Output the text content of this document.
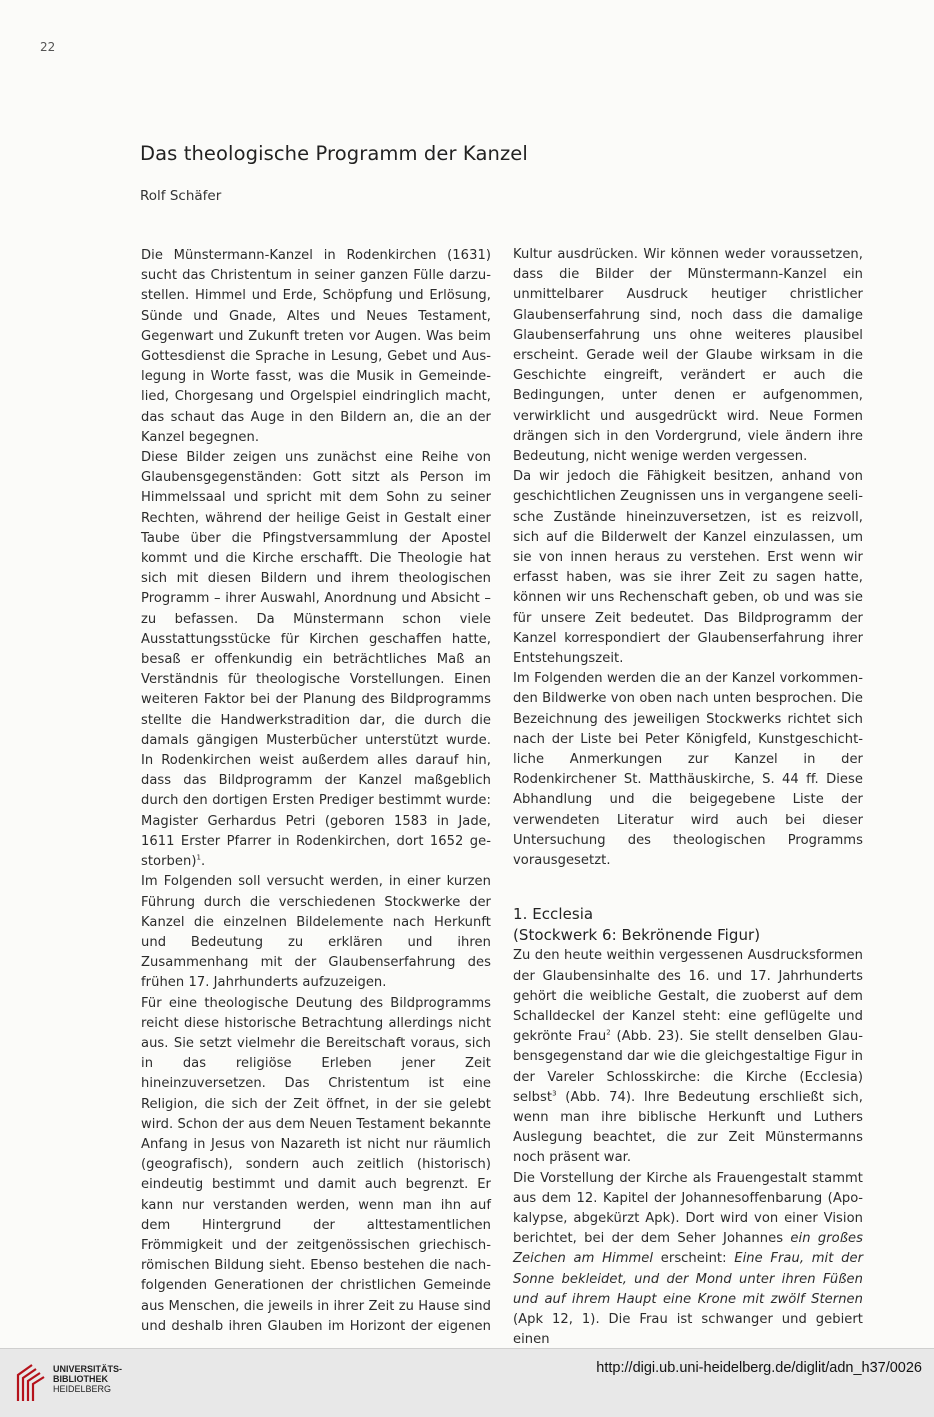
22
Das theologische Programm der Kanzel
Rolf Schäfer

Die Münstermann-Kanzel in Rodenkirchen (1631) sucht das Christentum in seiner ganzen Fülle darzustellen. Himmel und Erde, Schöpfung und Erlösung, Sünde und Gnade, Altes und Neues Testament, Gegenwart und Zukunft treten vor Augen. Was beim Gottesdienst die Sprache in Lesung, Gebet und Auslegung in Worte fasst, was die Musik in Gemeindelied, Chorgesang und Orgelspiel eindringlich macht, das schaut das Auge in den Bildern an, die an der Kanzel begegnen.

Diese Bilder zeigen uns zunächst eine Reihe von Glaubensgegenständen: Gott sitzt als Person im Himmelssaal und spricht mit dem Sohn zu seiner Rechten, während der heilige Geist in Gestalt einer Taube über die Pfingstversammlung der Apostel kommt und die Kirche erschafft. Die Theologie hat sich mit diesen Bildern und ihrem theologischen Programm – ihrer Auswahl, Anordnung und Absicht – zu befassen. Da Münstermann schon viele Ausstattungsstücke für Kirchen geschaffen hatte, besaß er offenkundig ein beträchtliches Maß an Verständnis für theologische Vorstellungen. Einen weiteren Faktor bei der Planung des Bildprogramms stellte die Handwerkstradition dar, die durch die damals gängigen Musterbücher unterstützt wurde. In Rodenkirchen weist außerdem alles darauf hin, dass das Bildprogramm der Kanzel maßgeblich durch den dortigen Ersten Prediger bestimmt wurde: Magister Gerhardus Petri (geboren 1583 in Jade, 1611 Erster Pfarrer in Rodenkirchen, dort 1652 gestorben)$^1$.

Im Folgenden soll versucht werden, in einer kurzen Führung durch die verschiedenen Stockwerke der Kanzel die einzelnen Bildelemente nach Herkunft und Bedeutung zu erklären und ihren Zusammenhang mit der Glaubenserfahrung des frühen 17. Jahrhunderts aufzuzeigen.

Für eine theologische Deutung des Bildprogramms reicht diese historische Betrachtung allerdings nicht aus. Sie setzt vielmehr die Bereitschaft voraus, sich in das religiöse Erleben jener Zeit hineinzuversetzen. Das Christentum ist eine Religion, die sich der Zeit öffnet, in der sie gelebt wird. Schon der aus dem Neuen Testament bekannte Anfang in Jesus von Nazareth ist nicht nur räumlich (geografisch), sondern auch zeitlich (historisch) eindeutig bestimmt und damit auch begrenzt. Er kann nur verstanden werden, wenn man ihn auf dem Hintergrund der alttestamentlichen Frömmigkeit und der zeitgenössischen griechisch-römischen Bildung sieht. Ebenso bestehen die nachfolgenden Generationen der christlichen Gemeinde aus Menschen, die jeweils in ihrer Zeit zu Hause sind und deshalb ihren Glauben im Horizont der eigenen

Kultur ausdrücken. Wir können weder voraussetzen, dass die Bilder der Münstermann-Kanzel ein unmittelbarer Ausdruck heutiger christlicher Glaubenserfahrung sind, noch dass die damalige Glaubenserfahrung uns ohne weiteres plausibel erscheint. Gerade weil der Glaube wirksam in die Geschichte eingreift, verändert er auch die Bedingungen, unter denen er aufgenommen, verwirklicht und ausgedrückt wird. Neue Formen drängen sich in den Vordergrund, viele ändern ihre Bedeutung, nicht wenige werden vergessen.

Da wir jedoch die Fähigkeit besitzen, anhand von geschichtlichen Zeugnissen uns in vergangene seelische Zustände hineinzuversetzen, ist es reizvoll, sich auf die Bilderwelt der Kanzel einzulassen, um sie von innen heraus zu verstehen. Erst wenn wir erfasst haben, was sie ihrer Zeit zu sagen hatte, können wir uns Rechenschaft geben, ob und was sie für unsere Zeit bedeutet. Das Bildprogramm der Kanzel korrespondiert der Glaubenserfahrung ihrer Entstehungszeit.

Im Folgenden werden die an der Kanzel vorkommenden Bildwerke von oben nach unten besprochen. Die Bezeichnung des jeweiligen Stockwerks richtet sich nach der Liste bei Peter Königfeld, Kunstgeschichtliche Anmerkungen zur Kanzel in der Rodenkirchener St. Matthäuskirche, S. 44 ff. Diese Abhandlung und die beigegebene Liste der verwendeten Literatur wird auch bei dieser Untersuchung des theologischen Programms vorausgesetzt.

1. Ecclesia
(Stockwerk 6: Bekrönende Figur)

Zu den heute weithin vergessenen Ausdrucksformen der Glaubensinhalte des 16. und 17. Jahrhunderts gehört die weibliche Gestalt, die zuoberst auf dem Schalldeckel der Kanzel steht: eine geflügelte und gekrönte Frau$^2$ (Abb. 23). Sie stellt denselben Glaubensgegenstand dar wie die gleichgestaltige Figur in der Vareler Schlosskirche: die Kirche (Ecclesia) selbst$^3$ (Abb. 74). Ihre Bedeutung erschließt sich, wenn man ihre biblische Herkunft und Luthers Auslegung beachtet, die zur Zeit Münstermanns noch präsent war.

Die Vorstellung der Kirche als Frauengestalt stammt aus dem 12. Kapitel der Johannesoffenbarung (Apokalypse, abgekürzt Apk). Dort wird von einer Vision berichtet, bei der dem Seher Johannes ein großes Zeichen am Himmel erscheint: Eine Frau, mit der Sonne bekleidet, und der Mond unter ihren Füßen und auf ihrem Haupt eine Krone mit zwölf Sternen (Apk 12, 1). Die Frau ist schwanger und gebiert einen

UNIVERSITÄTS-
BIBLIOTHEK
HEIDELBERG
http://digi.ub.uni-heidelberg.de/diglit/adn_h37/0026
